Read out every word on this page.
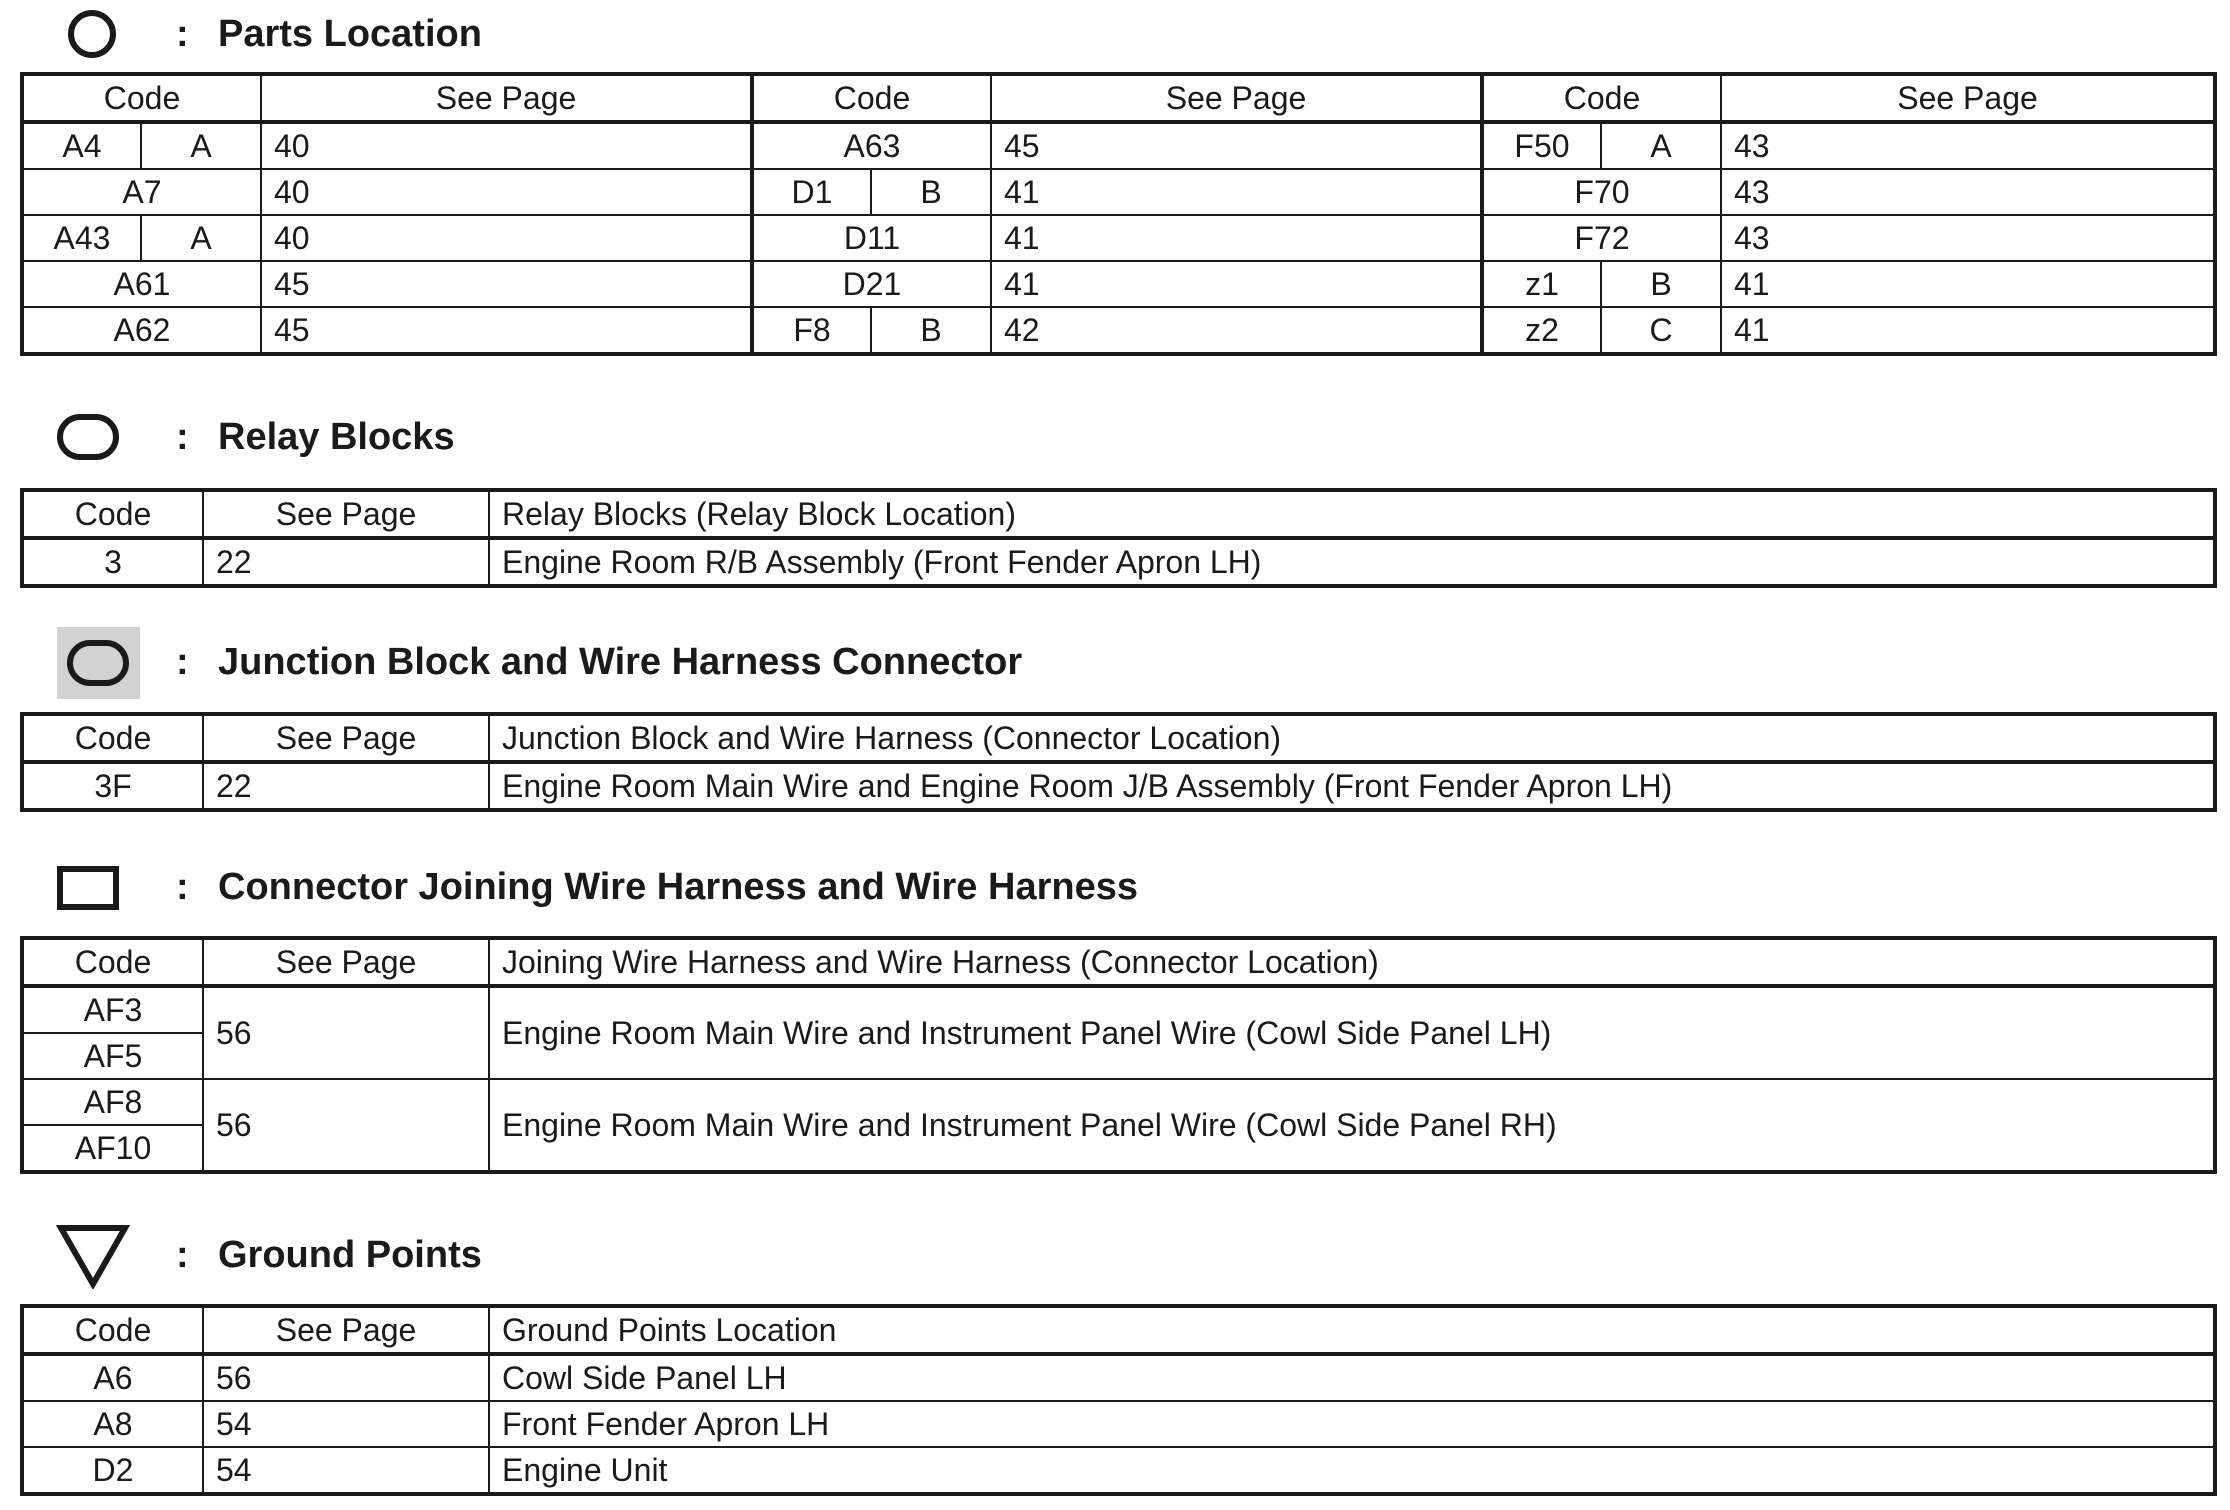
: Parts Location
Code		See Page	Code		See Page	Code		See Page
A4	A	40	A63		45	F50	A	43
A7		40	D1	B	41	F70		43
A43	A	40	D11		41	F72		43
A61		45	D21		41	z1	B	41
A62		45	F8	B	42	z2	C	41
: Relay Blocks
Code	See Page	Relay Blocks (Relay Block Location)
3	22	Engine Room R/B Assembly (Front Fender Apron LH)
: Junction Block and Wire Harness Connector
Code	See Page	Junction Block and Wire Harness (Connector Location)
3F	22	Engine Room Main Wire and Engine Room J/B Assembly (Front Fender Apron LH)
: Connector Joining Wire Harness and Wire Harness
Code	See Page	Joining Wire Harness and Wire Harness (Connector Location)
AF3	56	Engine Room Main Wire and Instrument Panel Wire (Cowl Side Panel LH)
AF5		
AF8	56	Engine Room Main Wire and Instrument Panel Wire (Cowl Side Panel RH)
AF10		
: Ground Points
Code	See Page	Ground Points Location
A6	56	Cowl Side Panel LH
A8	54	Front Fender Apron LH
D2	54	Engine Unit
